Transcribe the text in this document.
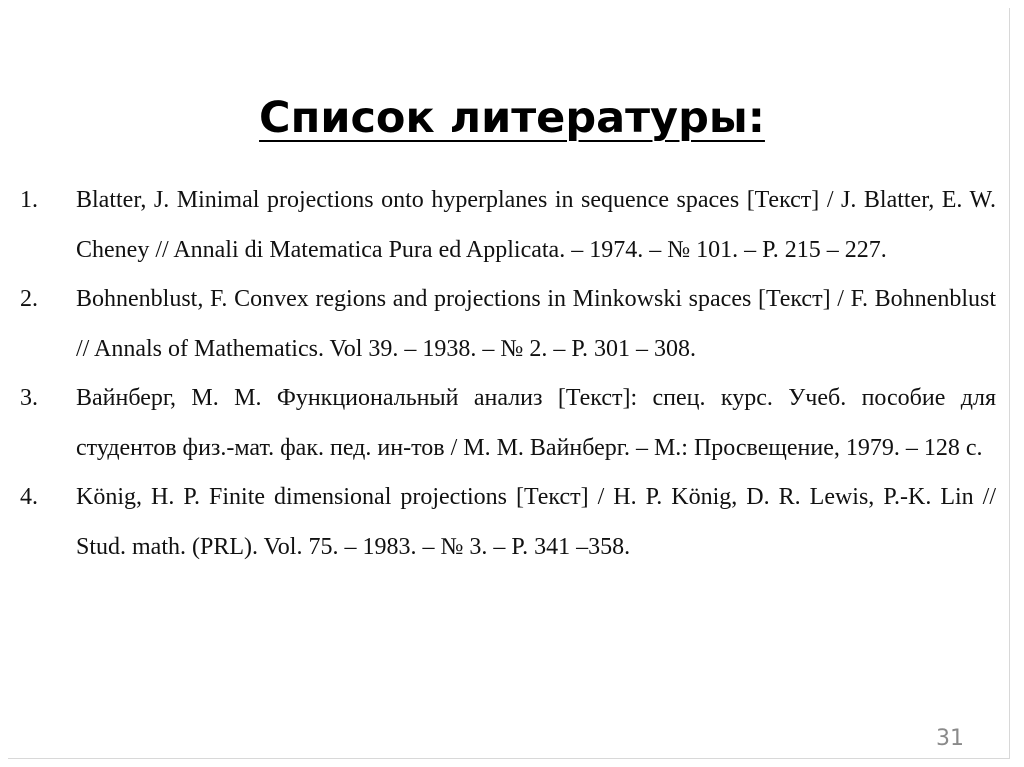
Список литературы:
1.	Blatter, J. Minimal projections onto hyperplanes in sequence spaces [Текст] / J. Blatter, E. W. Cheney // Annali di Matematica Pura ed Applicata. – 1974. – № 101. – P. 215 – 227.
2.	Bohnenblust, F. Convex regions and projections in Minkowski spaces [Текст] / F. Bohnenblust // Annals of Mathematics. Vol 39. – 1938. – № 2. – P. 301 – 308.
3.	Вайнберг, М. М. Функциональный анализ [Текст]: спец. курс. Учеб. пособие для студентов физ.-мат. фак. пед. ин-тов / М. М. Вайнберг. – М.: Просвещение, 1979. – 128 с.
4.	König, H. P. Finite dimensional projections [Текст] / H. P. König, D. R. Lewis, P.-K. Lin // Stud. math. (PRL). Vol. 75. – 1983. – № 3. – P. 341 –358.
31
